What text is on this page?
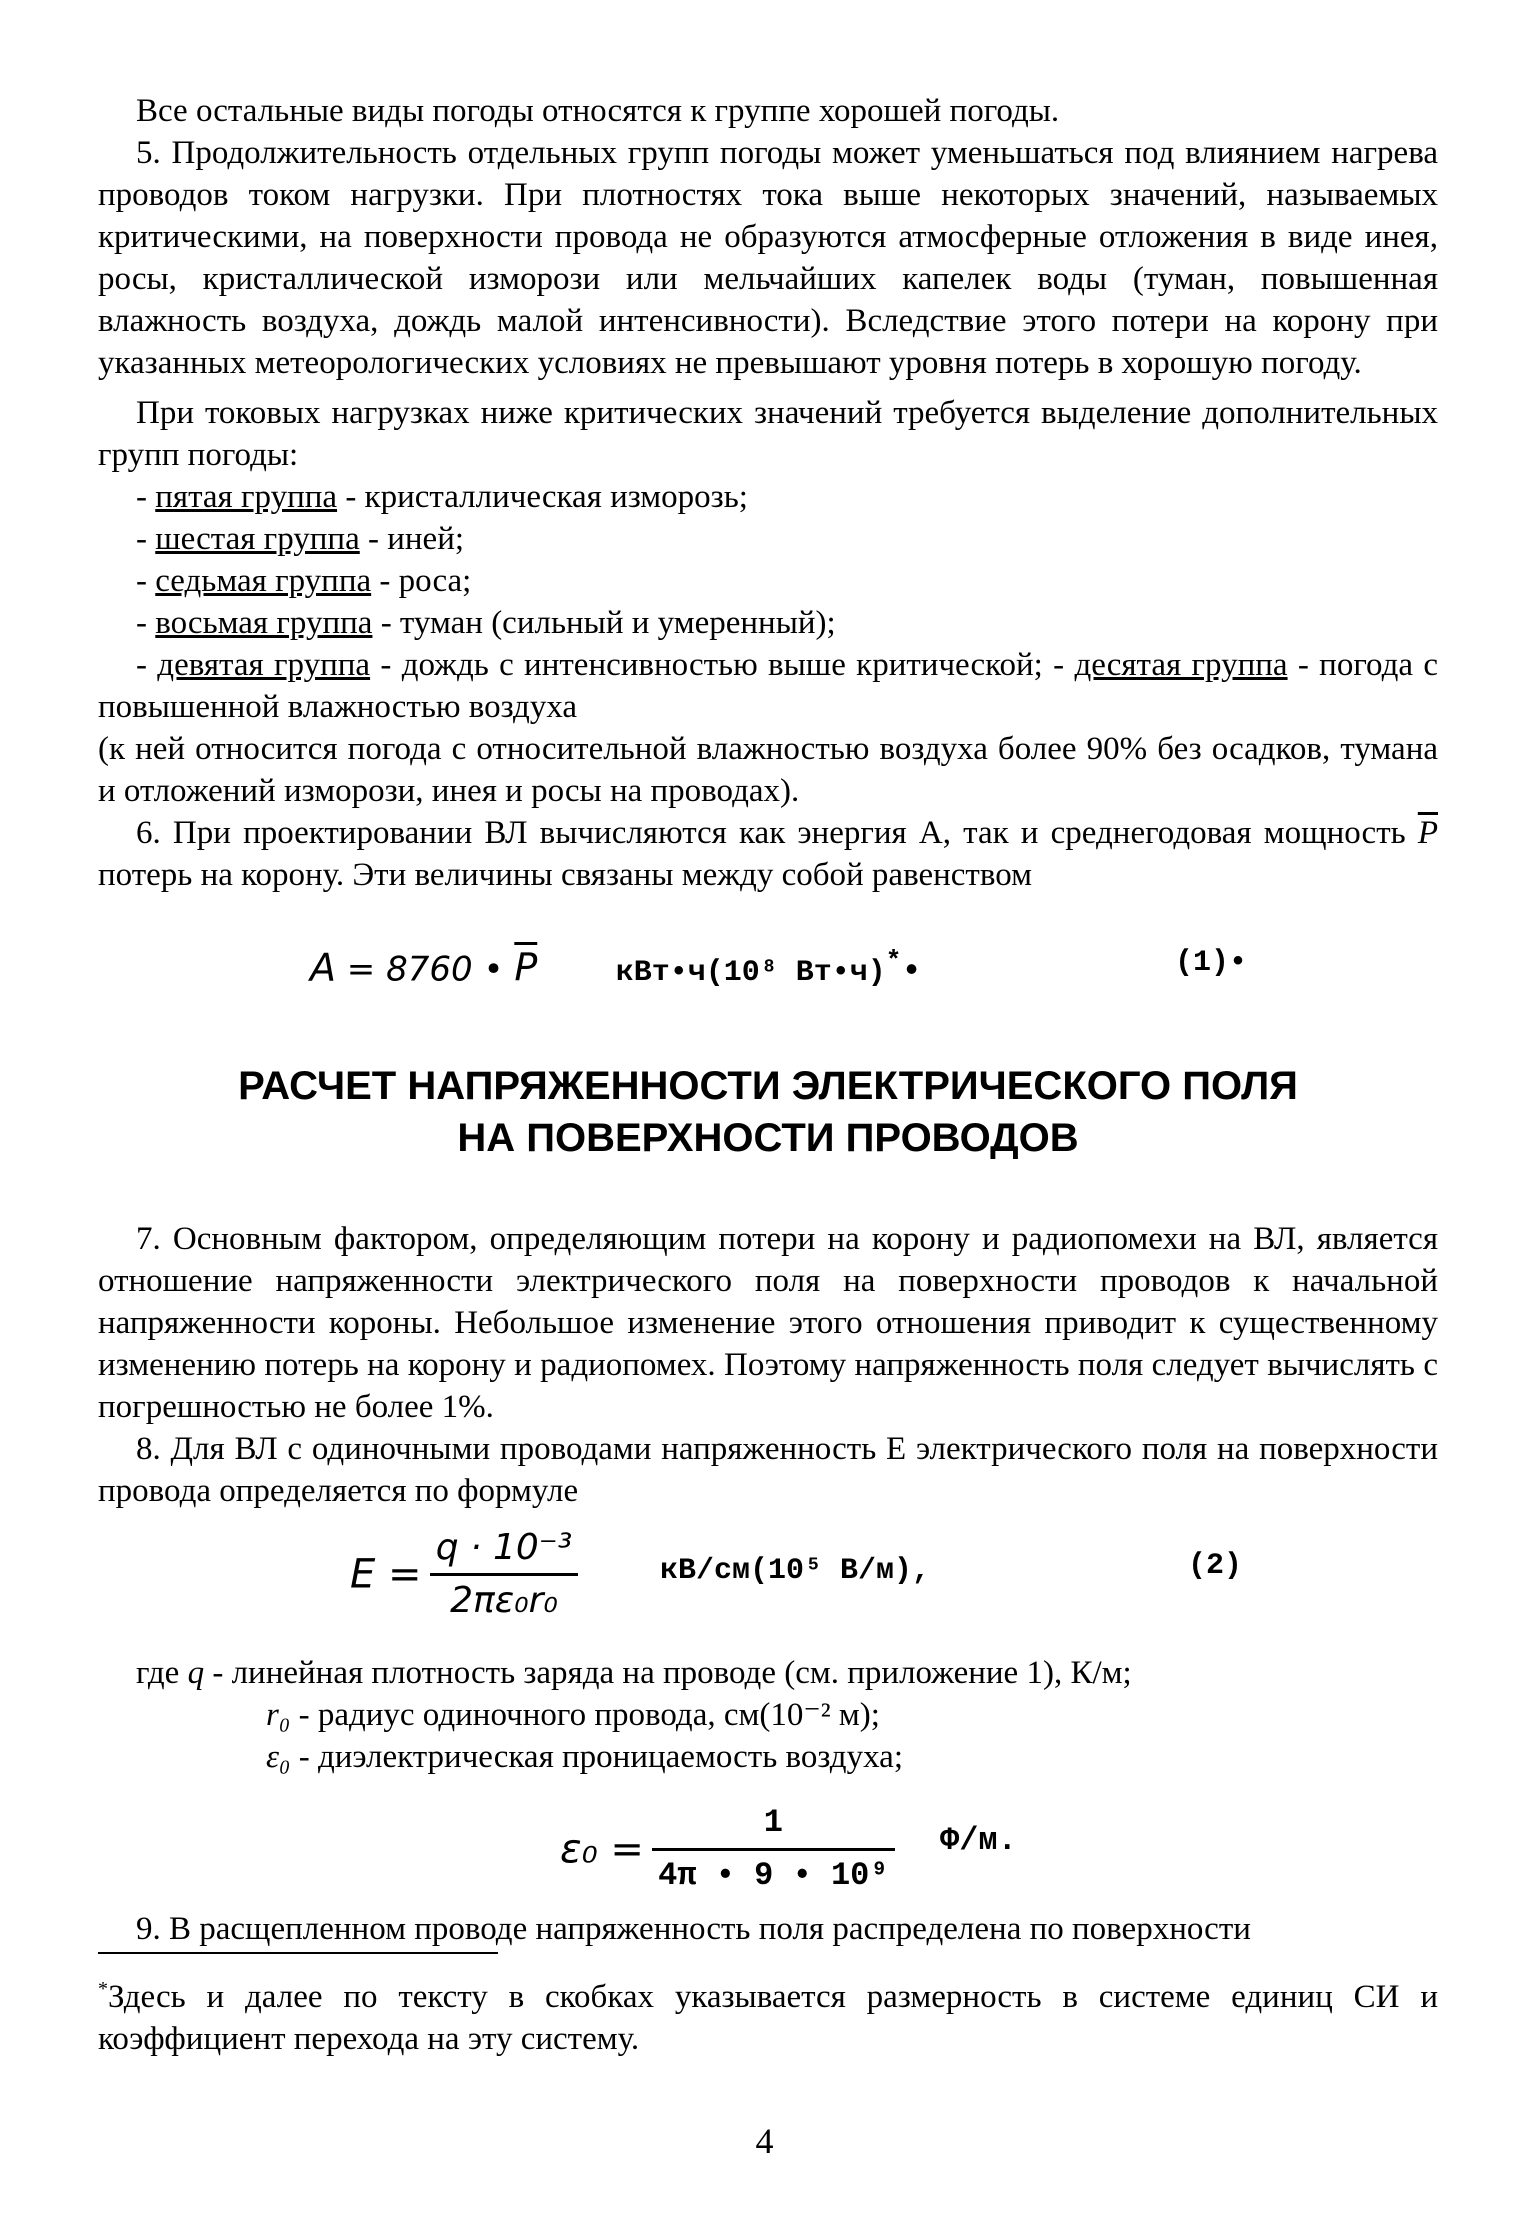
Все остальные виды погоды относятся к группе хорошей погоды.

5. Продолжительность отдельных групп погоды может уменьшаться под влиянием нагрева проводов током нагрузки. При плотностях тока выше некоторых значений, называемых критическими, на поверхности провода не образуются атмосферные отложения в виде инея, росы, кристаллической изморози или мельчайших капелек воды (туман, повышенная влажность воздуха, дождь малой интенсивности). Вследствие этого потери на корону при указанных метеорологических условиях не превышают уровня потерь в хорошую погоду.

При токовых нагрузках ниже критических значений требуется выделение дополнительных групп погоды:

- пятая группа - кристаллическая изморозь;
- шестая группа - иней;
- седьмая группа - роса;
- восьмая группа - туман (сильный и умеренный);

- девятая группа - дождь с интенсивностью выше критической; - десятая группа - погода с повышенной влажностью воздуха

(к ней относится погода с относительной влажностью воздуха более 90% без осадков, тумана и отложений изморози, инея и росы на проводах).

6. При проектировании ВЛ вычисляются как энергия А, так и среднегодовая мощность $\overline{P}$ потерь на корону. Эти величины связаны между собой равенством

A = 8760 • $\overline{P}$	кВт•ч(10⁸ Вт•ч)*•	(1)•
РАСЧЕТ НАПРЯЖЕННОСТИ ЭЛЕКТРИЧЕСКОГО ПОЛЯ
НА ПОВЕРХНОСТИ ПРОВОДОВ

7. Основным фактором, определяющим потери на корону и радиопомехи на ВЛ, является отношение напряженности электрического поля на поверхности проводов к начальной напряженности короны. Небольшое изменение этого отношения приводит к существенному изменению потерь на корону и радиопомех. Поэтому напряженность поля следует вычислять с погрешностью не более 1%.

8. Для ВЛ с одиночными проводами напряженность Е электрического поля на поверхности провода определяется по формуле

$E = \frac{\text{q · 10⁻³}}{\text{2πε₀r₀}}$	кВ/см(10⁵ В/м),	(2)
где q - линейная плотность заряда на проводе (см. приложение 1), К/м;
r₀ - радиус одиночного провода, см(10⁻² м);
ε₀ - диэлектрическая проницаемость воздуха;
$\varepsilon_0 = \frac{1}{\text{4π • 9 • 10⁹}} Ф/м$.

9. В расщепленном проводе напряженность поля распределена по поверхности

*Здесь и далее по тексту в скобках указывается размерность в системе единиц СИ и коэффициент перехода на эту систему.

4
